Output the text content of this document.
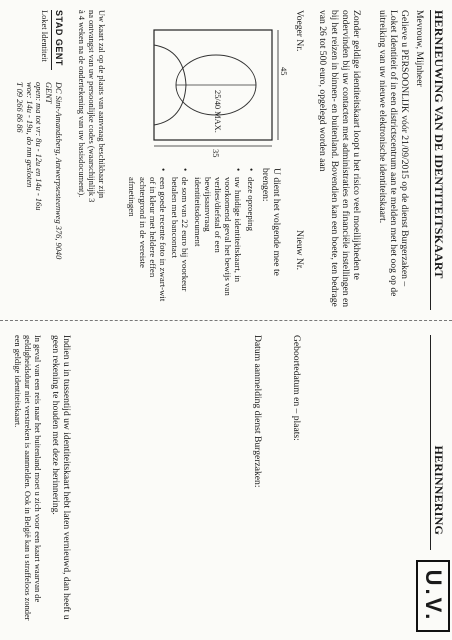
HERNIEUWING VAN DE IDENTITEITSKAART
Mevrouw, Mijnheer
Gelieve u PERSOONLIJK vóór 21/09/2015 op de dienst Burgerzaken – Loket Identiteit of in een districtscentrum aan te melden met het oog op de uitreiking van uw nieuwe elektronische identiteitskaart.
Zonder geldige identiteitskaart loopt u het risico veel moeilijkheden te ondervinden bij uw contacten met administraties en financiële instellingen en bij het reizen in binnen- en buitenland. Bovendien kan een boete, ten bedrage van 26 tot 500 euro, opgelegd worden aan
Voeger Nr.
Nieuw Nr.
45
35
25/40 MAX.
U dient het volgende mee te brengen:
• deze oproeping
• uw huidige identiteitskaart, in voorkomend geval het bewijs van verlies/diefstal of een bewijsaanvraag identiteitsdocument
• de som van 22 euro bij voorkeur betalen met bancontact
• een goede recente foto in zwart-wit of in kleur met heldere effen achtergrond in de vereiste afmetingen
Uw kaart zal op de plaats van aanvraag beschikbaar zijn na ontvangst van uw persoonlijke codes (waarschijnlijk 3 à 4 weken na de ondertekening van uw basisdocument).
STAD GENT
Loket Identiteit
DC Sint-Amandsberg, Antwerpsesteenweg 376, 9040 GENT
open: ma tot vr: 8u - 12u en 14u - 16u
woe: 14u - 19u, do nm gesloten
T 09 266 86 86
HERINNERING
U.V.
Geboortedatum en – plaats:
Datum aanmelding dienst Burgerzaken:
Indien u in tussentijd uw identiteitskaart hebt laten vernieuwd, dan heeft u geen rekening te houden met deze herinnering.
In geval van een reis naar het buitenland moet u zich voor een kaart waarvan de geldigheidsduur niet verstreken is aanmelden. Ook in België kan u straffeloos zonder een geldige identiteitskaart.
